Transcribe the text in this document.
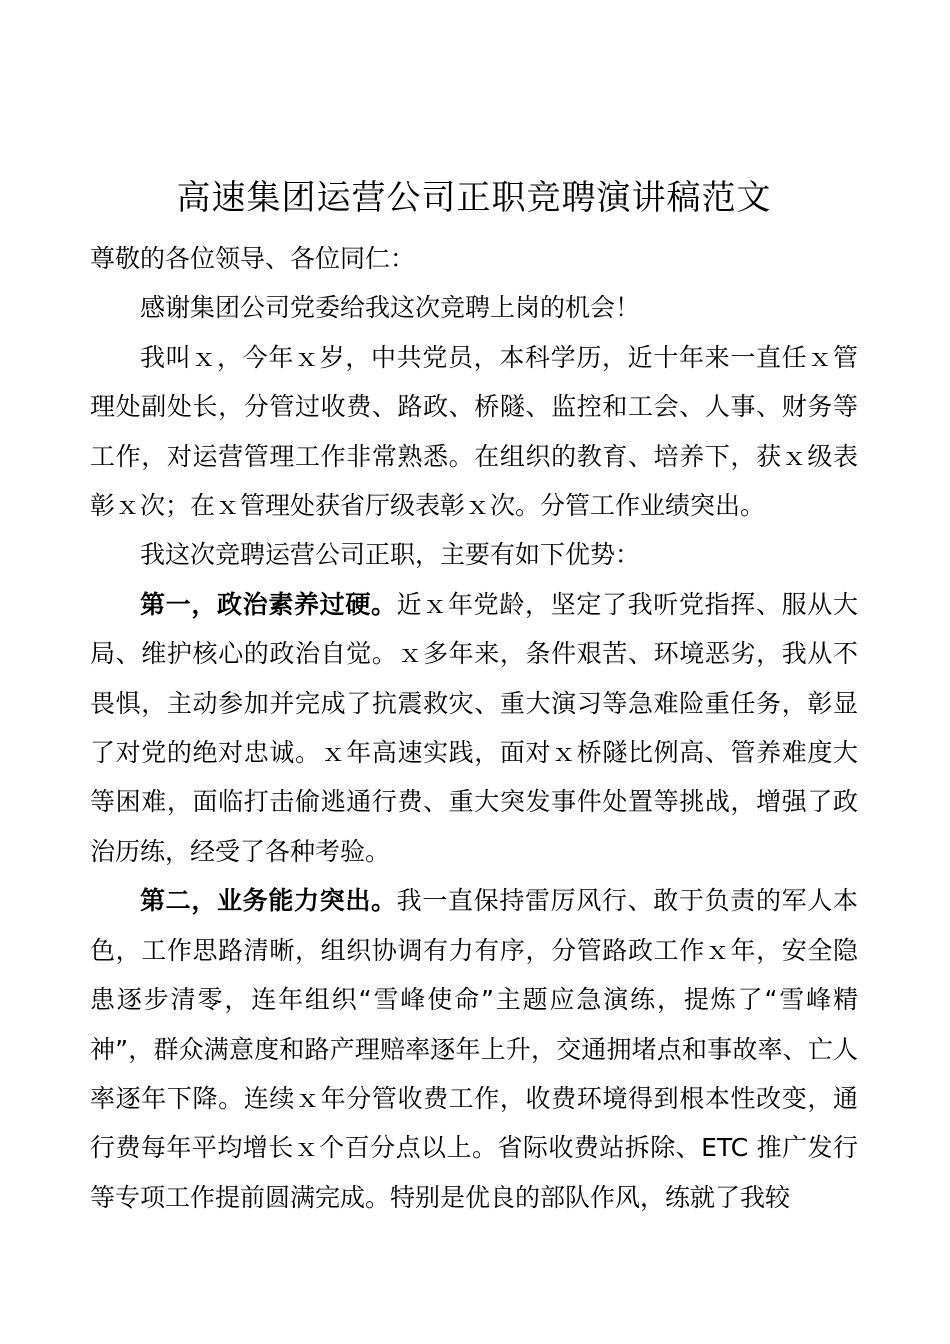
高速集团运营公司正职竞聘演讲稿范文

尊敬的各位领导、各位同仁：

感谢集团公司党委给我这次竞聘上岗的机会！

我叫ｘ，今年ｘ岁，中共党员，本科学历，近十年来一直任ｘ管理处副处长，分管过收费、路政、桥隧、监控和工会、人事、财务等工作，对运营管理工作非常熟悉。在组织的教育、培养下，获ｘ级表彰ｘ次；在ｘ管理处获省厅级表彰ｘ次。分管工作业绩突出。

我这次竞聘运营公司正职，主要有如下优势：

第一，政治素养过硬。近ｘ年党龄，坚定了我听党指挥、服从大局、维护核心的政治自觉。ｘ多年来，条件艰苦、环境恶劣，我从不畏惧，主动参加并完成了抗震救灾、重大演习等急难险重任务，彰显了对党的绝对忠诚。ｘ年高速实践，面对ｘ桥隧比例高、管养难度大等困难，面临打击偷逃通行费、重大突发事件处置等挑战，增强了政治历练，经受了各种考验。

第二，业务能力突出。我一直保持雷厉风行、敢于负责的军人本色，工作思路清晰，组织协调有力有序，分管路政工作ｘ年，安全隐患逐步清零，连年组织“雪峰使命”主题应急演练，提炼了“雪峰精神”，群众满意度和路产理赔率逐年上升，交通拥堵点和事故率、亡人率逐年下降。连续ｘ年分管收费工作，收费环境得到根本性改变，通行费每年平均增长ｘ个百分点以上。省际收费站拆除、ETC 推广发行等专项工作提前圆满完成。特别是优良的部队作风，练就了我较
